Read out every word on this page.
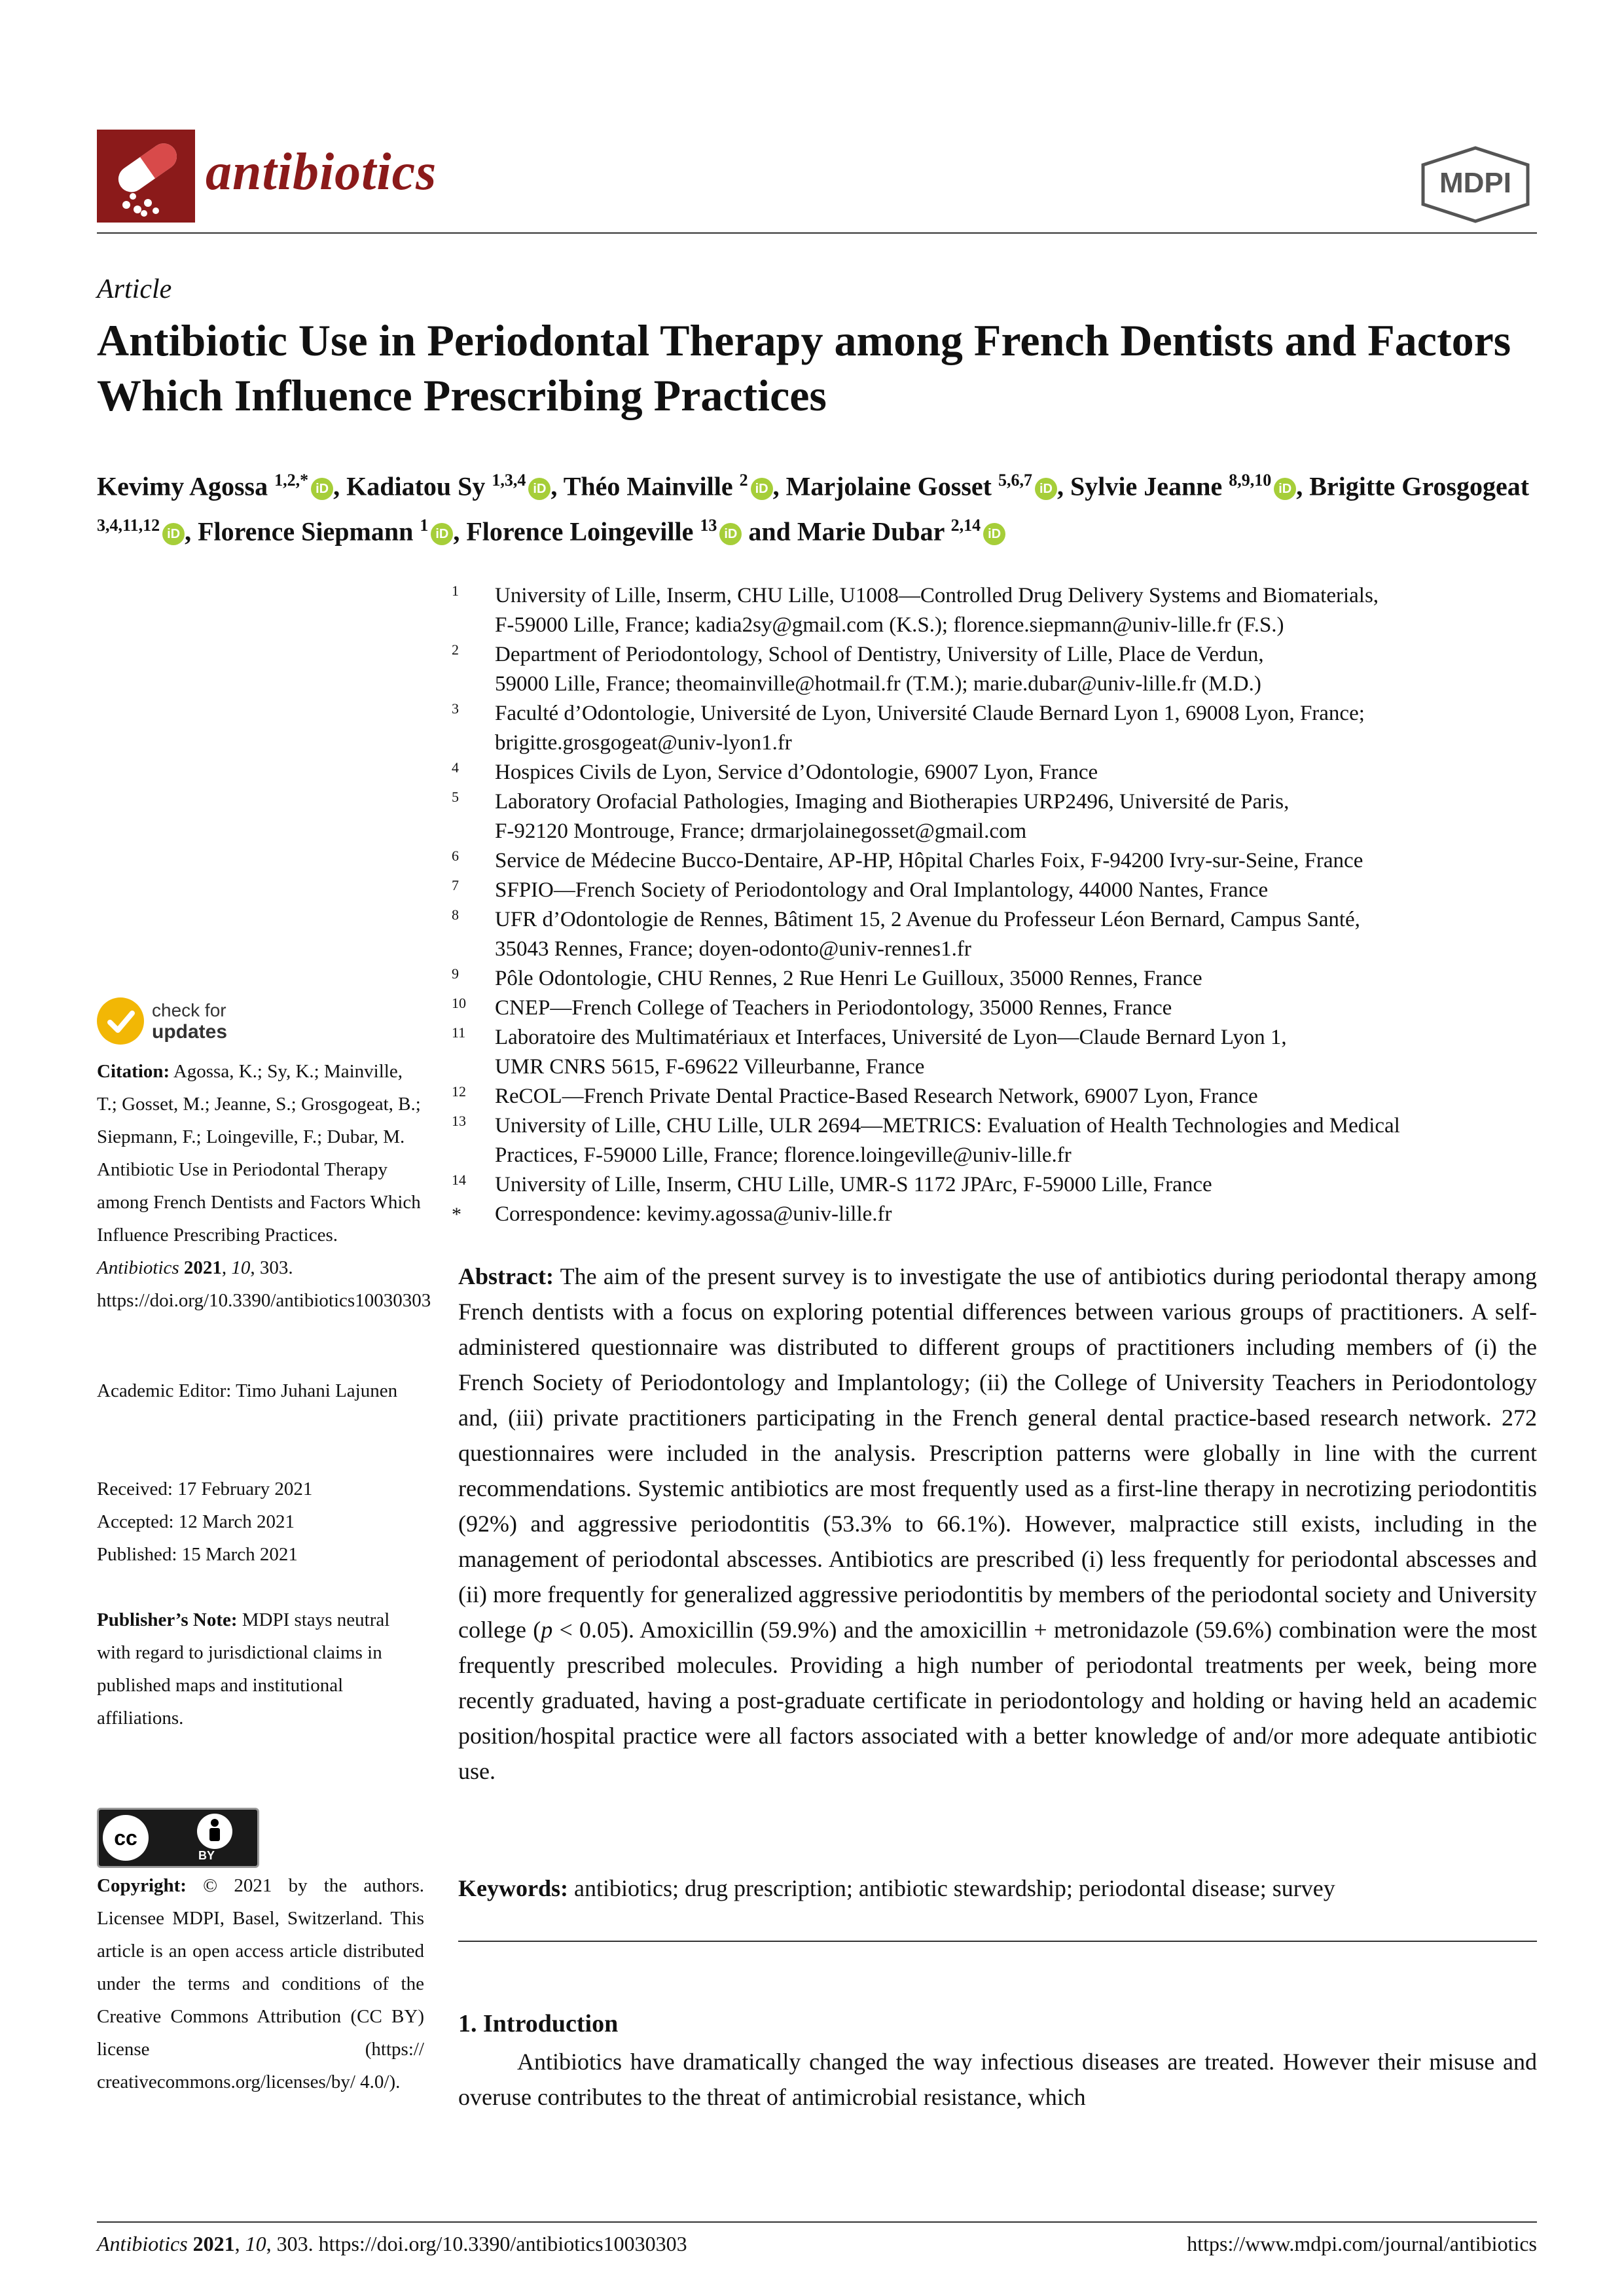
antibiotics	MDPI
Article
Antibiotic Use in Periodontal Therapy among French Dentists and Factors Which Influence Prescribing Practices
Kevimy Agossa $^{1,2,*}$ iD , Kadiatou Sy $^{1,3,4}$ iD , Théo Mainville $^2$ iD , Marjolaine Gosset $^{5,6,7}$ iD , Sylvie Jeanne $^{8,9,10}$ iD , Brigitte Grosgogeat $^{3,4,11,12}$ iD , Florence Siepmann $^1$ iD , Florence Loingeville $^{13}$ iD and Marie Dubar $^{2,14}$ iD
1 University of Lille, Inserm, CHU Lille, U1008—Controlled Drug Delivery Systems and Biomaterials,
F-59000 Lille, France; kadia2sy@gmail.com (K.S.); florence.siepmann@univ-lille.fr (F.S.)
2 Department of Periodontology, School of Dentistry, University of Lille, Place de Verdun,
59000 Lille, France; theomainville@hotmail.fr (T.M.); marie.dubar@univ-lille.fr (M.D.)
3 Faculté d’Odontologie, Université de Lyon, Université Claude Bernard Lyon 1, 69008 Lyon, France;
brigitte.grosgogeat@univ-lyon1.fr
4 Hospices Civils de Lyon, Service d’Odontologie, 69007 Lyon, France
5 Laboratory Orofacial Pathologies, Imaging and Biotherapies URP2496, Université de Paris,
F-92120 Montrouge, France; drmarjolainegosset@gmail.com
6 Service de Médecine Bucco-Dentaire, AP-HP, Hôpital Charles Foix, F-94200 Ivry-sur-Seine, France
7 SFPIO—French Society of Periodontology and Oral Implantology, 44000 Nantes, France
8 UFR d’Odontologie de Rennes, Bâtiment 15, 2 Avenue du Professeur Léon Bernard, Campus Santé,
35043 Rennes, France; doyen-odonto@univ-rennes1.fr
9 Pôle Odontologie, CHU Rennes, 2 Rue Henri Le Guilloux, 35000 Rennes, France
10 CNEP—French College of Teachers in Periodontology, 35000 Rennes, France
11 Laboratoire des Multimatériaux et Interfaces, Université de Lyon—Claude Bernard Lyon 1,
UMR CNRS 5615, F-69622 Villeurbanne, France
12 ReCOL—French Private Dental Practice-Based Research Network, 69007 Lyon, France
13 University of Lille, CHU Lille, ULR 2694—METRICS: Evaluation of Health Technologies and Medical
Practices, F-59000 Lille, France; florence.loingeville@univ-lille.fr
14 University of Lille, Inserm, CHU Lille, UMR-S 1172 JPArc, F-59000 Lille, France
* Correspondence: kevimy.agossa@univ-lille.fr
check for
updates
Citation: Agossa, K.; Sy, K.; Mainville, T.; Gosset, M.; Jeanne, S.; Grosgogeat, B.; Siepmann, F.; Loingeville, F.; Dubar, M. Antibiotic Use in Periodontal Therapy among French Dentists and Factors Which Influence Prescribing Practices. Antibiotics 2021, 10, 303. https://doi.org/10.3390/antibiotics10030303
Academic Editor: Timo Juhani Lajunen
Received: 17 February 2021
Accepted: 12 March 2021
Published: 15 March 2021
Publisher’s Note: MDPI stays neutral with regard to jurisdictional claims in published maps and institutional affiliations.
cc
BY
Copyright: © 2021 by the authors. Licensee MDPI, Basel, Switzerland. This article is an open access article distributed under the terms and conditions of the Creative Commons Attribution (CC BY) license (https:// creativecommons.org/licenses/by/ 4.0/).
Abstract: The aim of the present survey is to investigate the use of antibiotics during periodontal therapy among French dentists with a focus on exploring potential differences between various groups of practitioners. A self-administered questionnaire was distributed to different groups of practitioners including members of (i) the French Society of Periodontology and Implantology; (ii) the College of University Teachers in Periodontology and, (iii) private practitioners participating in the French general dental practice-based research network. 272 questionnaires were included in the analysis. Prescription patterns were globally in line with the current recommendations. Systemic antibiotics are most frequently used as a first-line therapy in necrotizing periodontitis (92%) and aggressive periodontitis (53.3% to 66.1%). However, malpractice still exists, including in the management of periodontal abscesses. Antibiotics are prescribed (i) less frequently for periodontal abscesses and (ii) more frequently for generalized aggressive periodontitis by members of the periodontal society and University college (p < 0.05). Amoxicillin (59.9%) and the amoxicillin + metronidazole (59.6%) combination were the most frequently prescribed molecules. Providing a high number of periodontal treatments per week, being more recently graduated, having a post-graduate certificate in periodontology and holding or having held an academic position/hospital practice were all factors associated with a better knowledge of and/or more adequate antibiotic use.
Keywords: antibiotics; drug prescription; antibiotic stewardship; periodontal disease; survey
1. Introduction
Antibiotics have dramatically changed the way infectious diseases are treated. However their misuse and overuse contributes to the threat of antimicrobial resistance, which
Antibiotics 2021, 10, 303. https://doi.org/10.3390/antibiotics10030303	https://www.mdpi.com/journal/antibiotics
